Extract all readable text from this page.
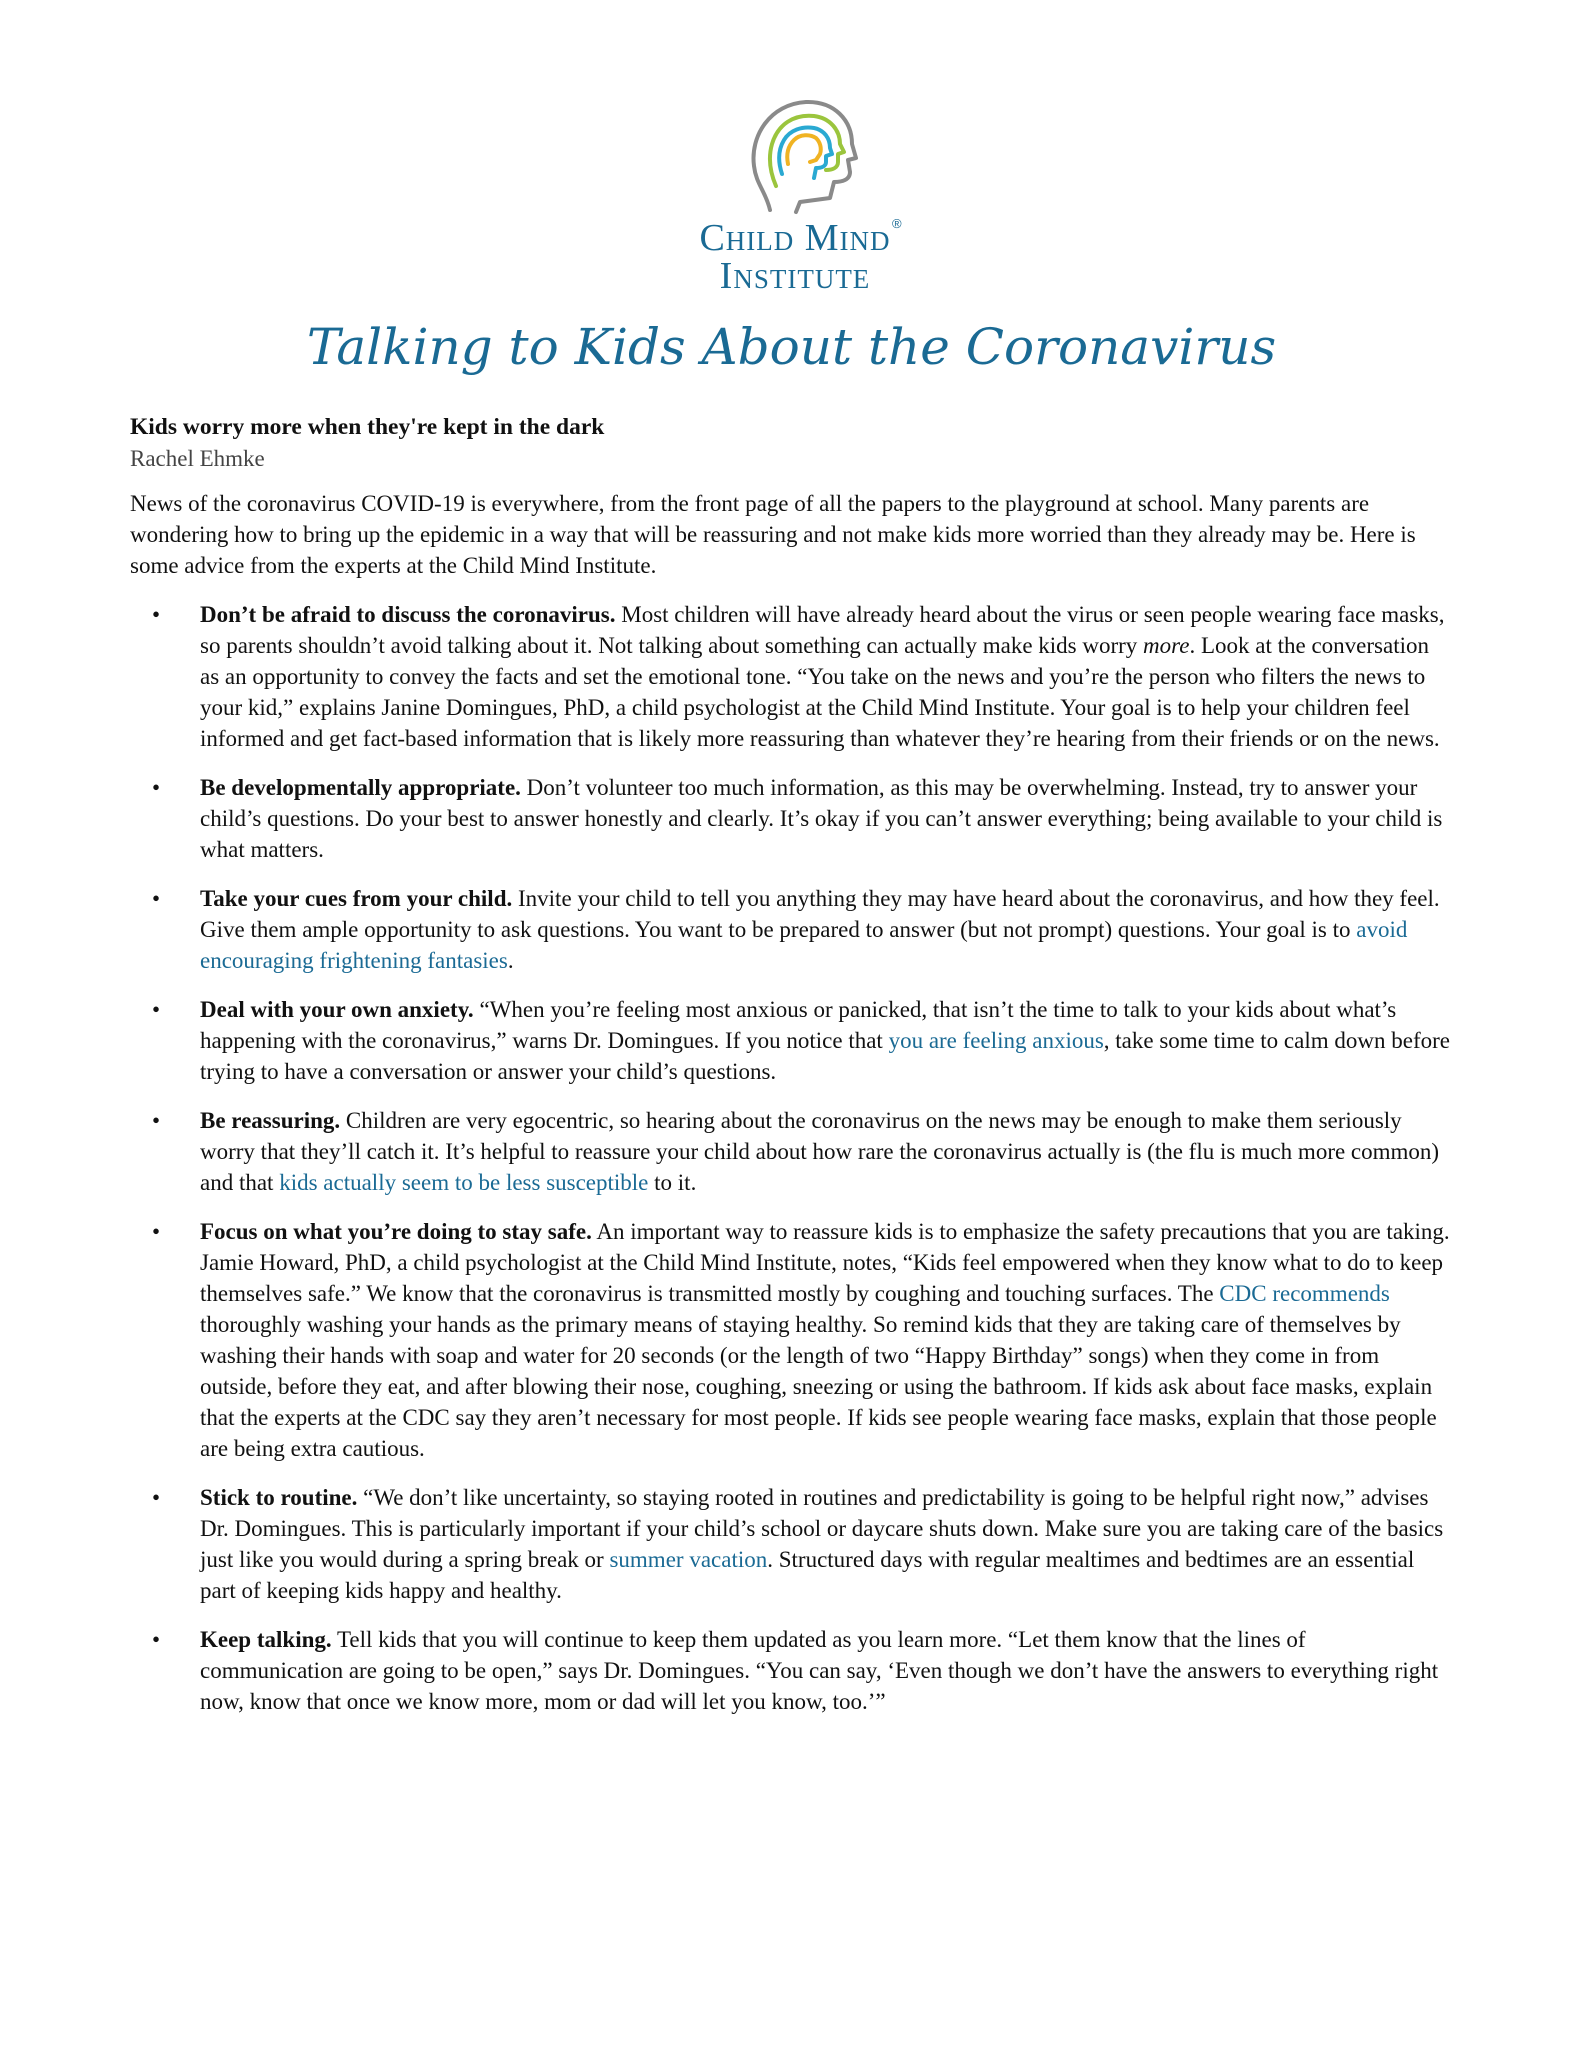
Child Mind ®
Institute
Talking to Kids About the Coronavirus

Kids worry more when they're kept in the dark

Rachel Ehmke

News of the coronavirus COVID-19 is everywhere, from the front page of all the papers to the playground at school. Many parents are wondering how to bring up the epidemic in a way that will be reassuring and not make kids more worried than they already may be. Here is some advice from the experts at the Child Mind Institute.

• Don’t be afraid to discuss the coronavirus. Most children will have already heard about the virus or seen people wearing face masks, so parents shouldn’t avoid talking about it. Not talking about something can actually make kids worry more. Look at the conversation as an opportunity to convey the facts and set the emotional tone. “You take on the news and you’re the person who filters the news to your kid,” explains Janine Domingues, PhD, a child psychologist at the Child Mind Institute. Your goal is to help your children feel informed and get fact-based information that is likely more reassuring than whatever they’re hearing from their friends or on the news.
• Be developmentally appropriate. Don’t volunteer too much information, as this may be overwhelming. Instead, try to answer your child’s questions. Do your best to answer honestly and clearly. It’s okay if you can’t answer everything; being available to your child is what matters.
• Take your cues from your child. Invite your child to tell you anything they may have heard about the coronavirus, and how they feel. Give them ample opportunity to ask questions. You want to be prepared to answer (but not prompt) questions. Your goal is to avoid encouraging frightening fantasies.
• Deal with your own anxiety. “When you’re feeling most anxious or panicked, that isn’t the time to talk to your kids about what’s happening with the coronavirus,” warns Dr. Domingues. If you notice that you are feeling anxious, take some time to calm down before trying to have a conversation or answer your child’s questions.
• Be reassuring. Children are very egocentric, so hearing about the coronavirus on the news may be enough to make them seriously worry that they’ll catch it. It’s helpful to reassure your child about how rare the coronavirus actually is (the flu is much more common) and that kids actually seem to be less susceptible to it.
• Focus on what you’re doing to stay safe. An important way to reassure kids is to emphasize the safety precautions that you are taking. Jamie Howard, PhD, a child psychologist at the Child Mind Institute, notes, “Kids feel empowered when they know what to do to keep themselves safe.” We know that the coronavirus is transmitted mostly by coughing and touching surfaces. The CDC recommends thoroughly washing your hands as the primary means of staying healthy. So remind kids that they are taking care of themselves by washing their hands with soap and water for 20 seconds (or the length of two “Happy Birthday” songs) when they come in from outside, before they eat, and after blowing their nose, coughing, sneezing or using the bathroom. If kids ask about face masks, explain that the experts at the CDC say they aren’t necessary for most people. If kids see people wearing face masks, explain that those people are being extra cautious.
• Stick to routine. “We don’t like uncertainty, so staying rooted in routines and predictability is going to be helpful right now,” advises Dr. Domingues. This is particularly important if your child’s school or daycare shuts down. Make sure you are taking care of the basics just like you would during a spring break or summer vacation. Structured days with regular mealtimes and bedtimes are an essential part of keeping kids happy and healthy.
• Keep talking. Tell kids that you will continue to keep them updated as you learn more. “Let them know that the lines of communication are going to be open,” says Dr. Domingues. “You can say, ‘Even though we don’t have the answers to everything right now, know that once we know more, mom or dad will let you know, too.’”
